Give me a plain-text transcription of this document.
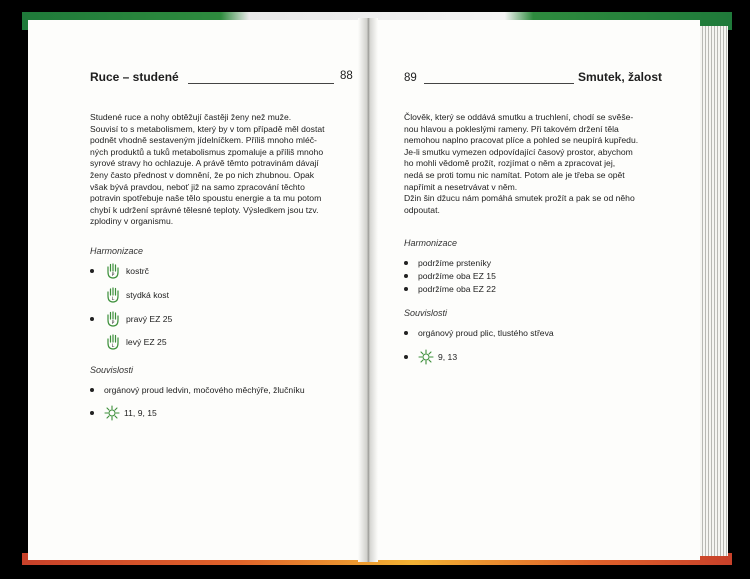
Ruce – studené	88

Studené ruce a nohy obtěžují častěji ženy než muže.

Souvisí to s metabolismem, který by v tom případě měl dostat

podnět vhodně sestaveným jídelníčkem. Příliš mnoho mléč-

ných produktů a tuků metabolismus zpomaluje a příliš mnoho

syrové stravy ho ochlazuje. A právě těmto potravinám dávají

ženy často přednost v domnění, že po nich zhubnou. Opak

však bývá pravdou, neboť již na samo zpracování těchto

potravin spotřebuje naše tělo spoustu energie a ta mu potom

chybí k udržení správné tělesné teploty. Výsledkem jsou tzv.

zplodiny v organismu.

Harmonizace
P kostrč
L stydká kost
P pravý EZ 25
L levý EZ 25
Souvislosti
orgánový proud ledvin, močového měchýře, žlučníku
11, 9, 15
89	Smutek, žalost

Člověk, který se oddává smutku a truchlení, chodí se svěše-

nou hlavou a pokleslými rameny. Při takovém držení těla

nemohou naplno pracovat plíce a pohled se neupírá kupředu.

Je-li smutku vymezen odpovídající časový prostor, abychom

ho mohli vědomě prožít, rozjímat o něm a zpracovat jej,

nedá se proti tomu nic namítat. Potom ale je třeba se opět

napřímit a nesetrvávat v něm.

Džin šin džucu nám pomáhá smutek prožít a pak se od něho

odpoutat.

Harmonizace
podržíme prsteníky
podržíme oba EZ 15
podržíme oba EZ 22
Souvislosti
orgánový proud plic, tlustého střeva
9, 13
